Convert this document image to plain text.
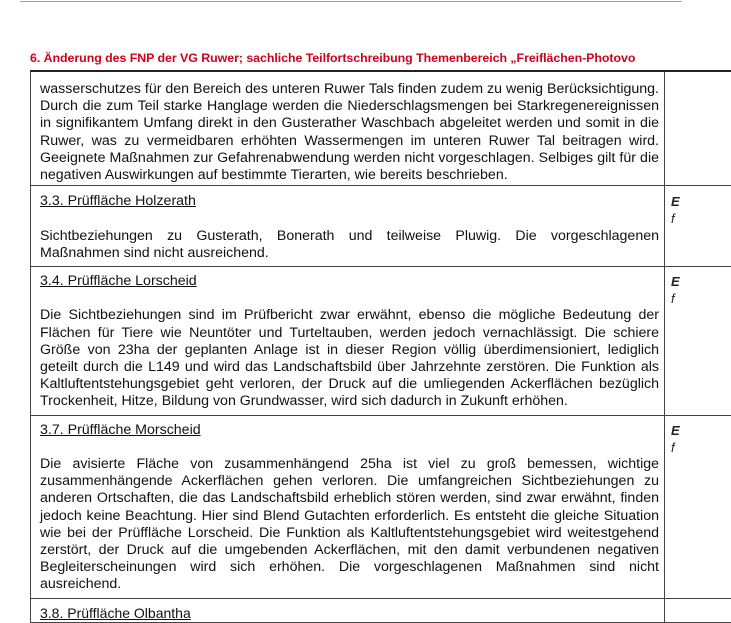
6. Änderung des FNP der VG Ruwer; sachliche Teilfortschreibung Themenbereich „Freiflächen-Photovo

wasserschutzes für den Bereich des unteren Ruwer Tals finden zudem zu wenig Berücksichtigung. Durch die zum Teil starke Hanglage werden die Niederschlagsmengen bei Starkregenereignissen in signifikantem Umfang direkt in den Gusterather Waschbach abgeleitet werden und somit in die Ruwer, was zu vermeidbaren erhöhten Wassermengen im unteren Ruwer Tal beitragen wird. Geeignete Maßnahmen zur Gefahrenabwendung werden nicht vorgeschlagen. Selbiges gilt für die negativen Auswirkungen auf bestimmte Tierarten, wie bereits beschrieben.

3.3. Prüffläche Holzerath

Sichtbeziehungen zu Gusterath, Bonerath und teilweise Pluwig. Die vorgeschlagenen Maßnahmen sind nicht ausreichend.

E
f

3.4. Prüffläche Lorscheid

Die Sichtbeziehungen sind im Prüfbericht zwar erwähnt, ebenso die mögliche Bedeutung der Flächen für Tiere wie Neuntöter und Turteltauben, werden jedoch vernachlässigt. Die schiere Größe von 23ha der geplanten Anlage ist in dieser Region völlig überdimensioniert, lediglich geteilt durch die L149 und wird das Landschaftsbild über Jahrzehnte zerstören. Die Funktion als Kaltluftentstehungsgebiet geht verloren, der Druck auf die umliegenden Ackerflächen bezüglich Trockenheit, Hitze, Bildung von Grundwasser, wird sich dadurch in Zukunft erhöhen.

E
f

3.7. Prüffläche Morscheid

Die avisierte Fläche von zusammenhängend 25ha ist viel zu groß bemessen, wichtige zusammenhängende Ackerflächen gehen verloren. Die umfangreichen Sichtbeziehungen zu anderen Ortschaften, die das Landschaftsbild erheblich stören werden, sind zwar erwähnt, finden jedoch keine Beachtung. Hier sind Blend Gutachten erforderlich. Es entsteht die gleiche Situation wie bei der Prüffläche Lorscheid. Die Funktion als Kaltluftentstehungsgebiet wird weitestgehend zerstört, der Druck auf die umgebenden Ackerflächen, mit den damit verbundenen negativen Begleiterscheinungen wird sich erhöhen. Die vorgeschlagenen Maßnahmen sind nicht ausreichend.

E
f

3.8. Prüffläche Olbantha
